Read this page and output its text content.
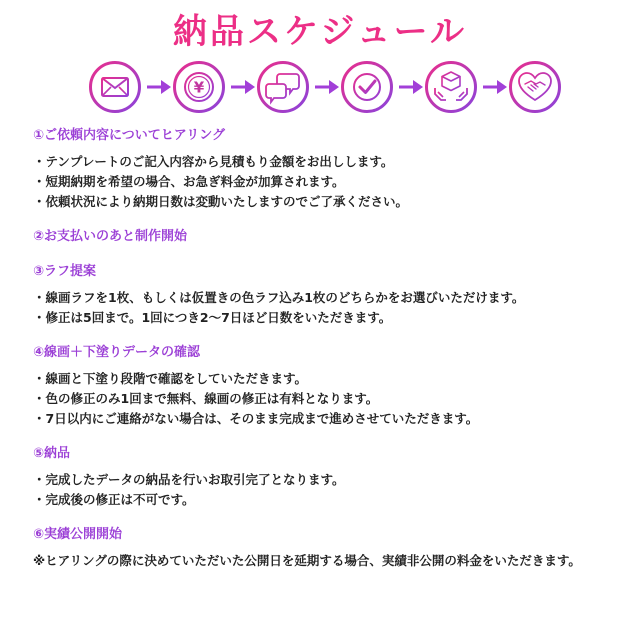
納品スケジュール
¥
①ご依頼内容についてヒアリング
・テンプレートのご記入内容から見積もり金額をお出しします。
・短期納期を希望の場合、お急ぎ料金が加算されます。
・依頼状況により納期日数は変動いたしますのでご了承ください。
②お支払いのあと制作開始
③ラフ提案
・線画ラフを1枚、もしくは仮置きの色ラフ込み1枚のどちらかをお選びいただけます。
・修正は5回まで。1回につき2〜7日ほど日数をいただきます。
④線画＋下塗りデータの確認
・線画と下塗り段階で確認をしていただきます。
・色の修正のみ1回まで無料、線画の修正は有料となります。
・7日以内にご連絡がない場合は、そのまま完成まで進めさせていただきます。
⑤納品
・完成したデータの納品を行いお取引完了となります。
・完成後の修正は不可です。
⑥実績公開開始
※ヒアリングの際に決めていただいた公開日を延期する場合、実績非公開の料金をいただきます。
